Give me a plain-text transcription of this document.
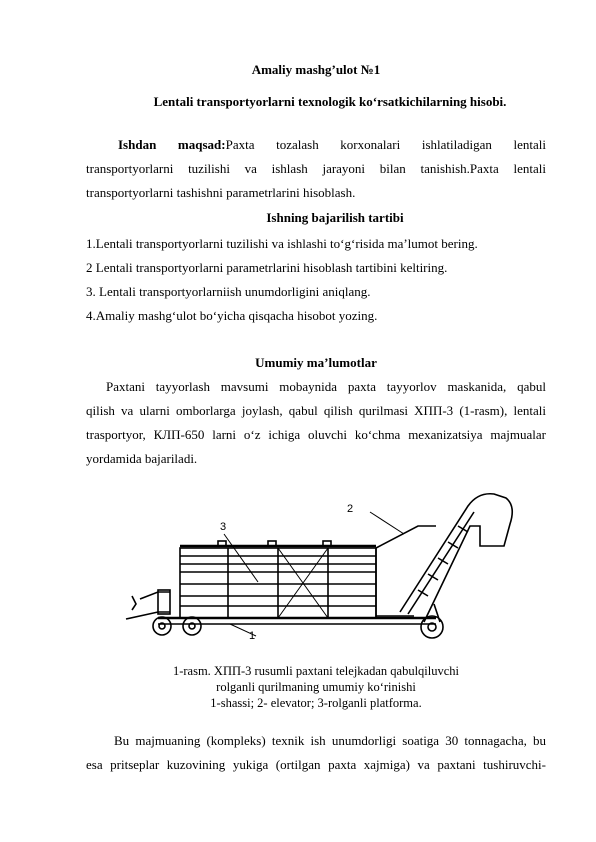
Amaliy mashg’ulot №1
Lentali transportyorlarni texnologik ko‘rsatkichilarning hisobi.
Ishdan maqsad:Paxta tozalash korxonalari ishlatiladigan lentali
transportyorlarni tuzilishi va ishlash jarayoni bilan tanishish.Paxta lentali
transportyorlarni tashishni parametrlarini hisoblash.
Ishning bajarilish tartibi
1.Lentali transportyorlarni tuzilishi va ishlashi to‘g‘risida ma’lumot bering.
2 Lentali transportyorlarni parametrlarini hisoblash tartibini keltiring.
3. Lentali transportyorlarniish unumdorligini aniqlang.
4.Amaliy mashg‘ulot bo‘yicha qisqacha hisobot yozing.
Umumiy ma’lumotlar
Paxtani tayyorlash mavsumi mobaynida paxta tayyorlov maskanida, qabul
qilish va ularni omborlarga joylash, qabul qilish qurilmasi ХПП-3 (1-rasm), lentali
trasportyor, КЛП-650 larni o‘z ichiga oluvchi ko‘chma mexanizatsiya majmualar
yordamida bajariladi.
3
2
1
1-rasm. ХПП-3 rusumli paxtani telejkadan qabulqiluvchi
rolganli qurilmaning umumiy ko‘rinishi
1-shassi; 2- elevator; 3-rolganli platforma.
Bu majmuaning (kompleks) texnik ish unumdorligi soatiga 30 tonnagacha, bu
esa pritseplar kuzovining yukiga (ortilgan paxta xajmiga) va paxtani tushiruvchi-
